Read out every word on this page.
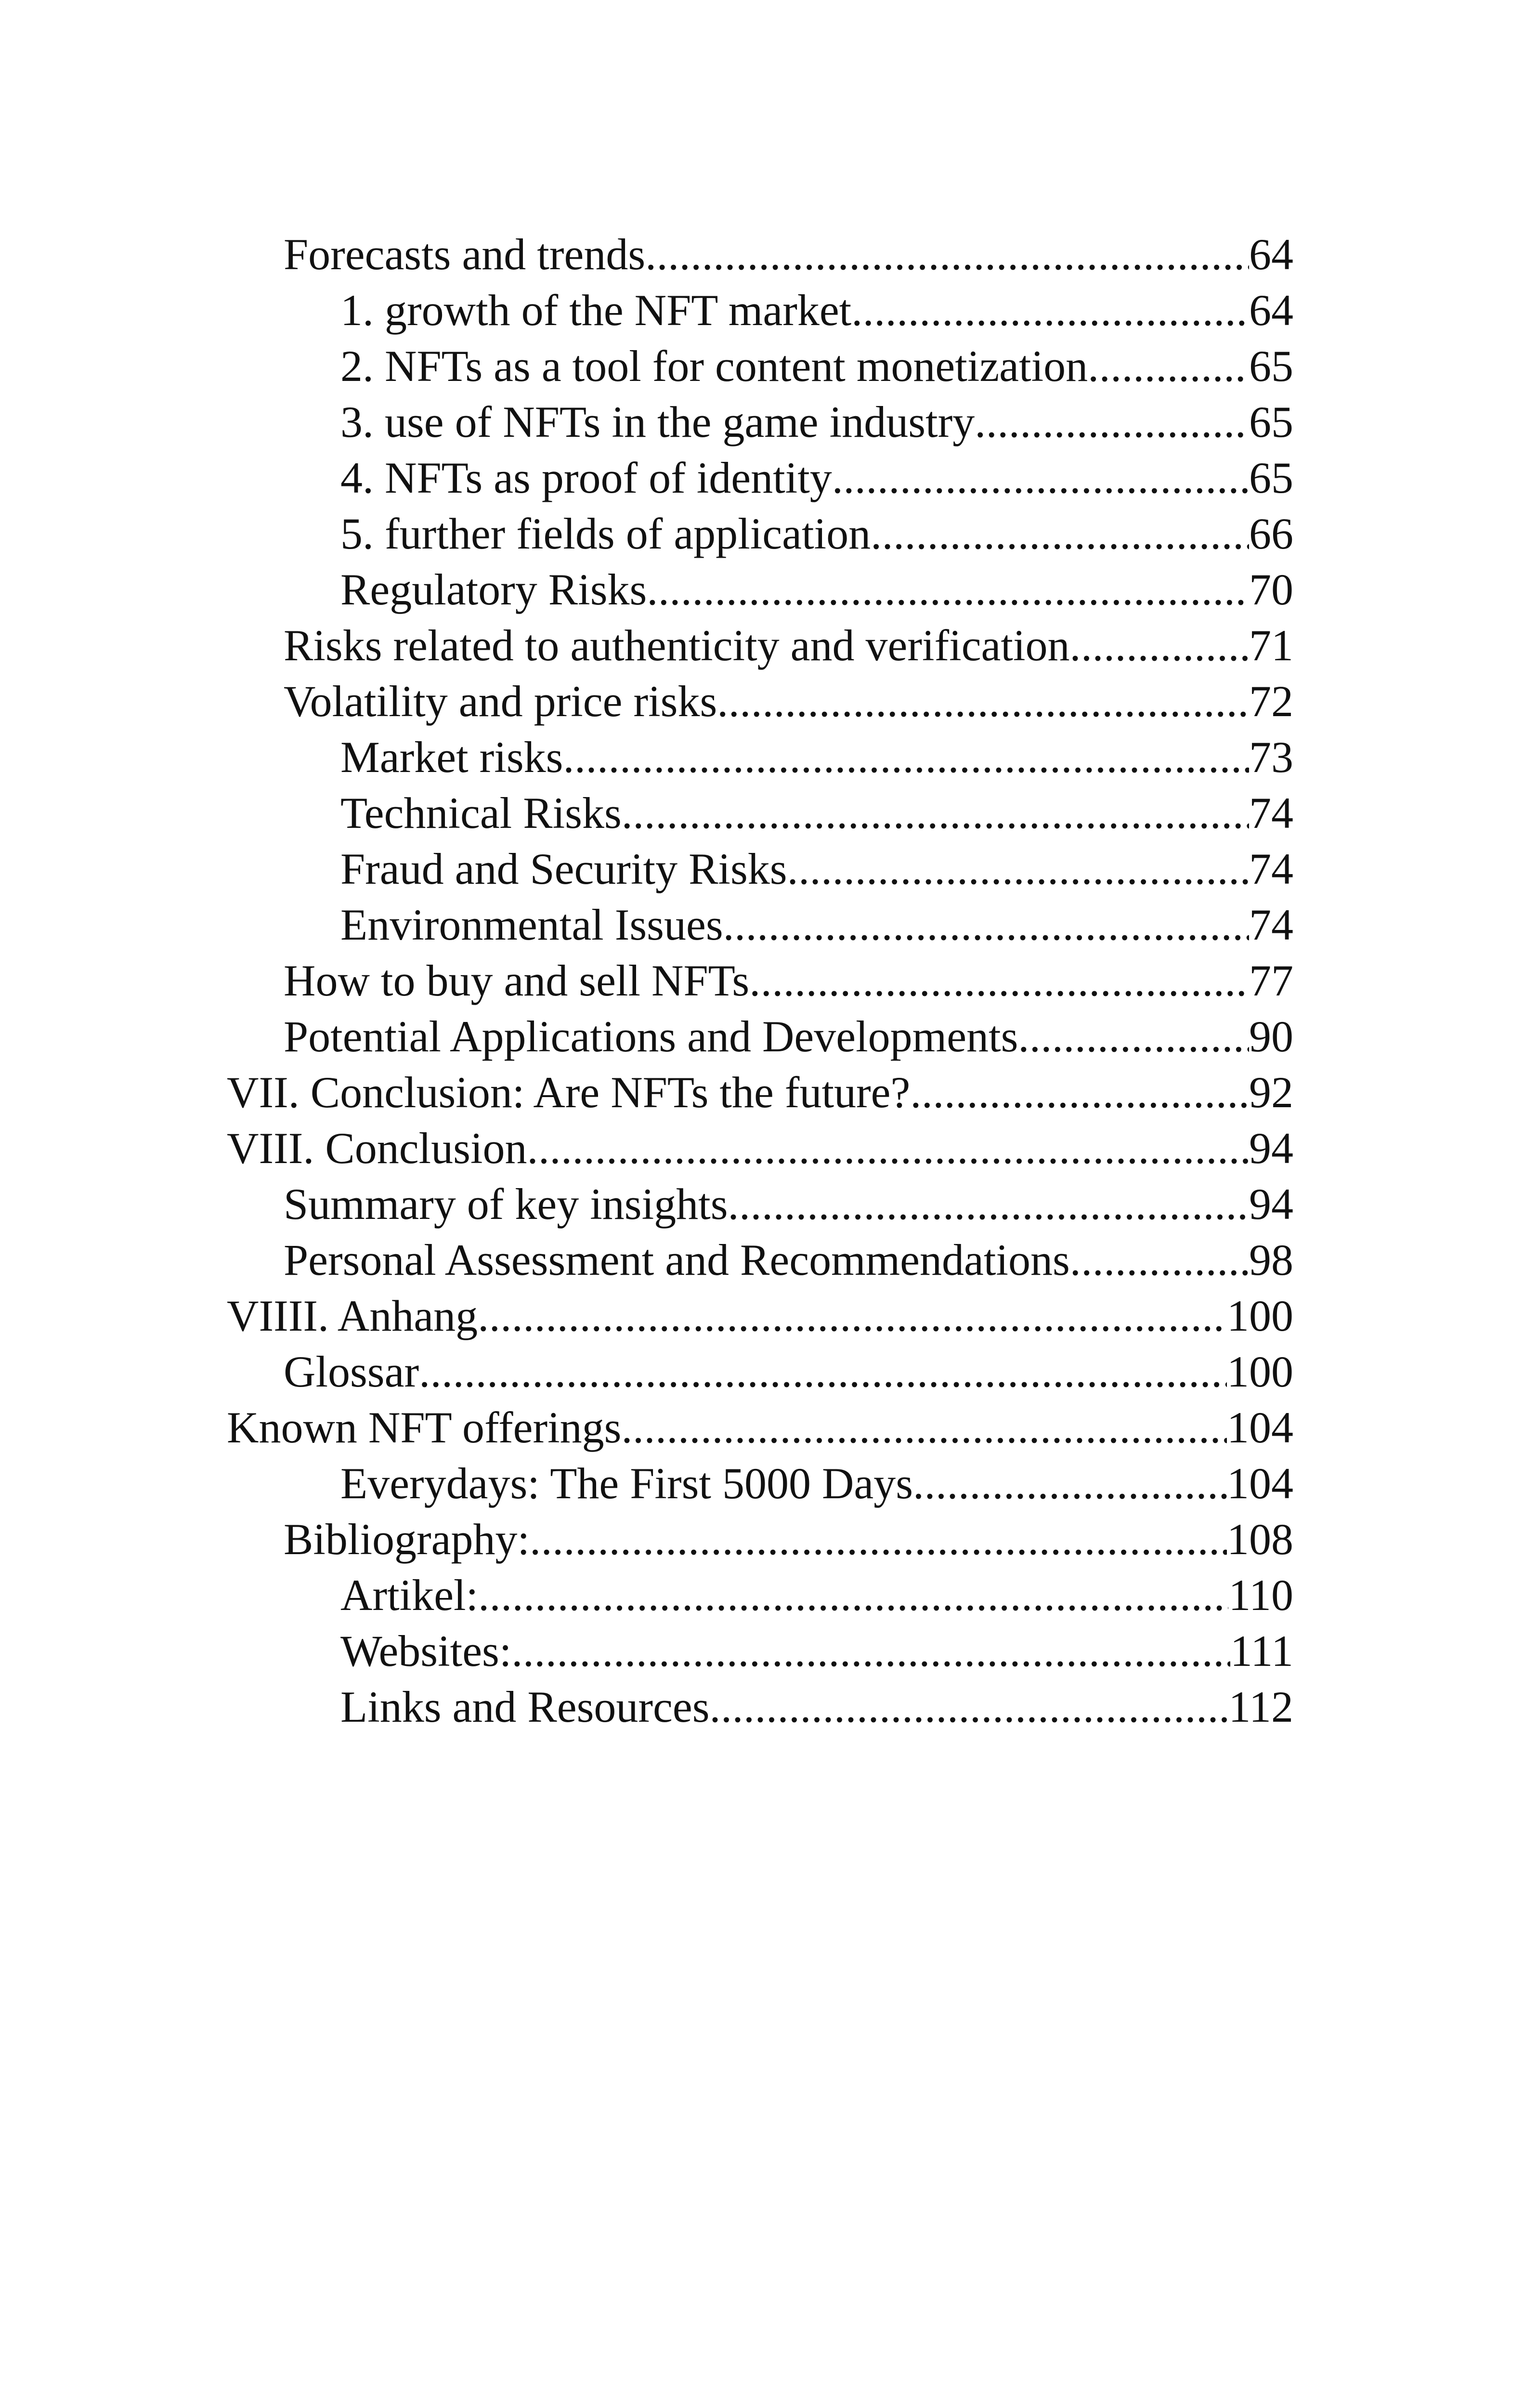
Forecasts and trends .....	64
1. growth of the NFT market .....	64
2. NFTs as a tool for content monetization .....	65
3. use of NFTs in the game industry .....	65
4. NFTs as proof of identity .....	65
5. further fields of application .....	66
Regulatory Risks .....	70
Risks related to authenticity and verification .....	71
Volatility and price risks .....	72
Market risks .....	73
Technical Risks .....	74
Fraud and Security Risks .....	74
Environmental Issues .....	74
How to buy and sell NFTs .....	77
Potential Applications and Developments .....	90
VII. Conclusion: Are NFTs the future? .....	92
VIII. Conclusion .....	94
Summary of key insights .....	94
Personal Assessment and Recommendations .....	98
VIIII. Anhang .....	100
Glossar .....	100
Known NFT offerings .....	104
Everydays: The First 5000 Days .....	104
Bibliography: .....	108
Artikel: .....	110
Websites: .....	111
Links and Resources .....	112
